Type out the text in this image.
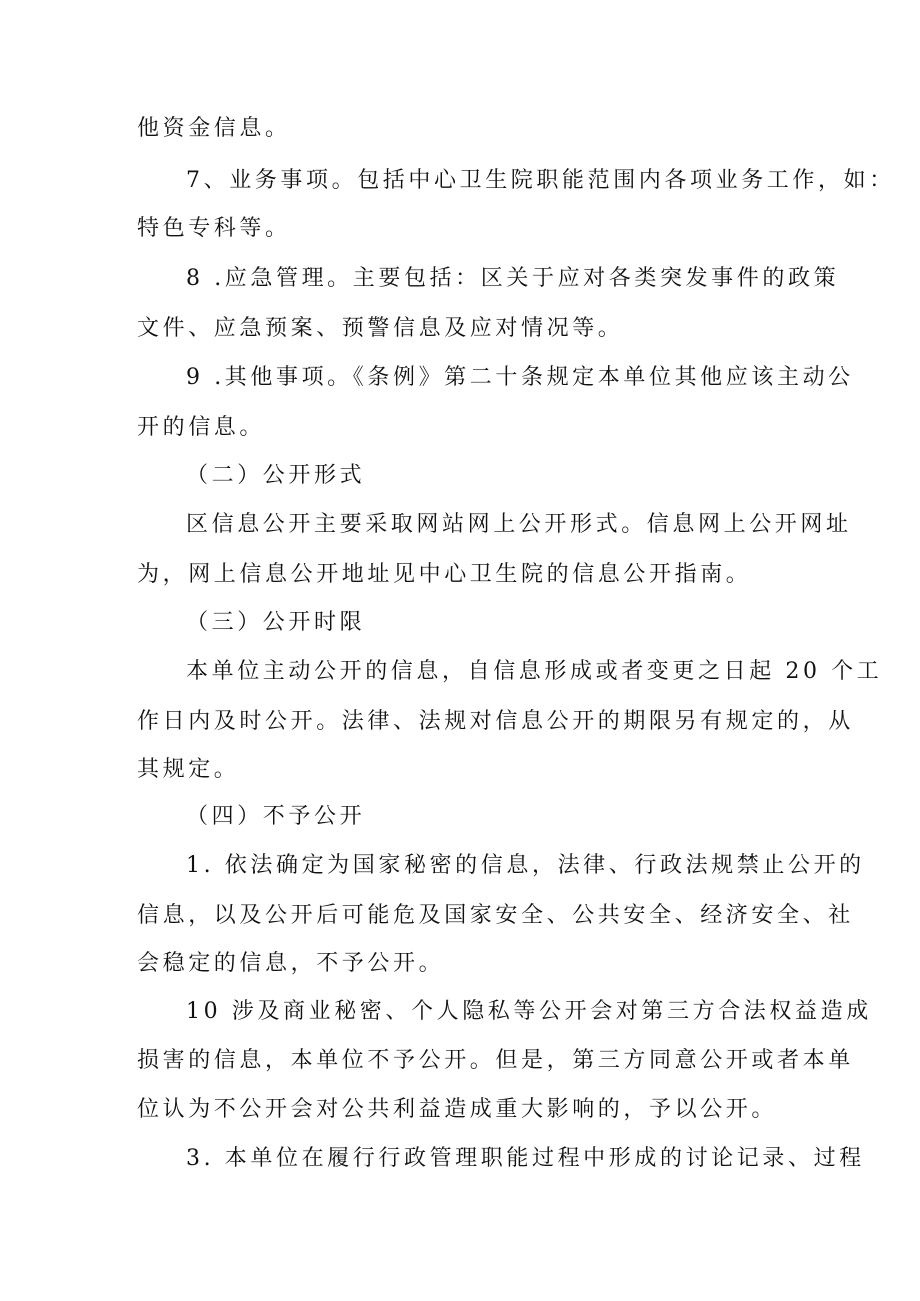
他资金信息。
7、业务事项。包括中心卫生院职能范围内各项业务工作，如：
特色专科等。
8 .应急管理。主要包括：区关于应对各类突发事件的政策
文件、应急预案、预警信息及应对情况等。
9 .其他事项。《条例》第二十条规定本单位其他应该主动公
开的信息。
（二）公开形式
区信息公开主要采取网站网上公开形式。信息网上公开网址
为，网上信息公开地址见中心卫生院的信息公开指南。
（三）公开时限
本单位主动公开的信息，自信息形成或者变更之日起 20 个工
作日内及时公开。法律、法规对信息公开的期限另有规定的，从
其规定。
（四）不予公开
1. 依法确定为国家秘密的信息，法律、行政法规禁止公开的
信息，以及公开后可能危及国家安全、公共安全、经济安全、社
会稳定的信息，不予公开。
10 涉及商业秘密、个人隐私等公开会对第三方合法权益造成
损害的信息，本单位不予公开。但是，第三方同意公开或者本单
位认为不公开会对公共利益造成重大影响的，予以公开。
3. 本单位在履行行政管理职能过程中形成的讨论记录、过程
